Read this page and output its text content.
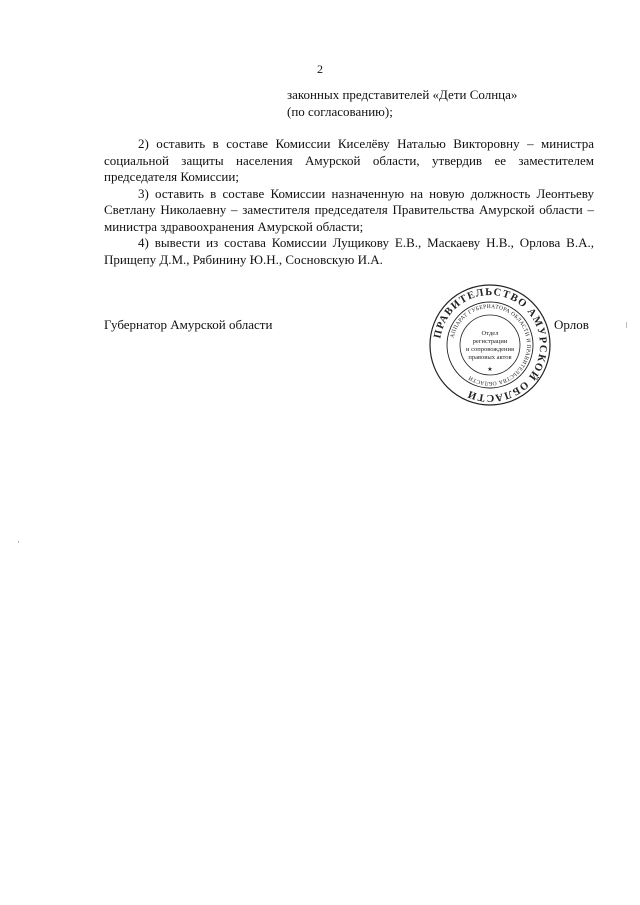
2
законных представителей «Дети Солнца»
(по согласованию);

2) оставить в составе Комиссии Киселёву Наталью Викторовну – министра социальной защиты населения Амурской области, утвердив ее заместителем председателя Комиссии;

3) оставить в составе Комиссии назначенную на новую должность Леонтьеву Светлану Николаевну – заместителя председателя Правительства Амурской области – министра здравоохранения Амурской области;

4) вывести из состава Комиссии Лущикову Е.В., Маскаеву Н.В., Орлова В.А., Прищепу Д.М., Рябинину Ю.Н., Сосновскую И.А.

Губернатор Амурской области	Орлов
ПРАВИТЕЛЬСТВО АМУРСКОЙ ОБЛАСТИ
АППАРАТ ГУБЕРНАТОРА ОБЛАСТИ И ПРАВИТЕЛЬСТВА ОБЛАСТИ
Отдел
регистрации
и сопровождения
правовых актов
★
